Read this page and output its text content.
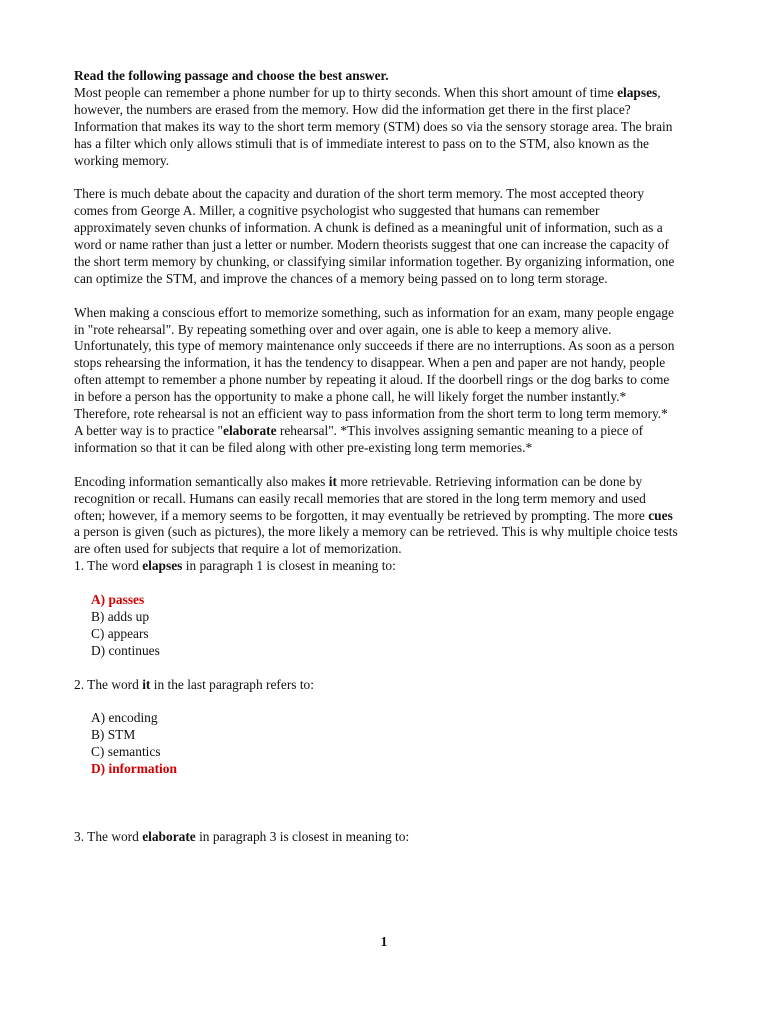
Read the following passage and choose the best answer.

Most people can remember a phone number for up to thirty seconds. When this short amount of time elapses, however, the numbers are erased from the memory. How did the information get there in the first place? Information that makes its way to the short term memory (STM) does so via the sensory storage area. The brain has a filter which only allows stimuli that is of immediate interest to pass on to the STM, also known as the working memory.

There is much debate about the capacity and duration of the short term memory. The most accepted theory comes from George A. Miller, a cognitive psychologist who suggested that humans can remember approximately seven chunks of information. A chunk is defined as a meaningful unit of information, such as a word or name rather than just a letter or number. Modern theorists suggest that one can increase the capacity of the short term memory by chunking, or classifying similar information together. By organizing information, one can optimize the STM, and improve the chances of a memory being passed on to long term storage.

When making a conscious effort to memorize something, such as information for an exam, many people engage in "rote rehearsal". By repeating something over and over again, one is able to keep a memory alive. Unfortunately, this type of memory maintenance only succeeds if there are no interruptions. As soon as a person stops rehearsing the information, it has the tendency to disappear. When a pen and paper are not handy, people often attempt to remember a phone number by repeating it aloud. If the doorbell rings or the dog barks to come in before a person has the opportunity to make a phone call, he will likely forget the number instantly.* Therefore, rote rehearsal is not an efficient way to pass information from the short term to long term memory.* A better way is to practice "elaborate rehearsal". *This involves assigning semantic meaning to a piece of information so that it can be filed along with other pre-existing long term memories.*

Encoding information semantically also makes it more retrievable. Retrieving information can be done by recognition or recall. Humans can easily recall memories that are stored in the long term memory and used often; however, if a memory seems to be forgotten, it may eventually be retrieved by prompting. The more cues a person is given (such as pictures), the more likely a memory can be retrieved. This is why multiple choice tests are often used for subjects that require a lot of memorization.

1. The word elapses in paragraph 1 is closest in meaning to:

A) passes
B) adds up
C) appears
D) continues

2. The word it in the last paragraph refers to:

A) encoding
B) STM
C) semantics
D) information

3. The word elaborate in paragraph 3 is closest in meaning to:

1
